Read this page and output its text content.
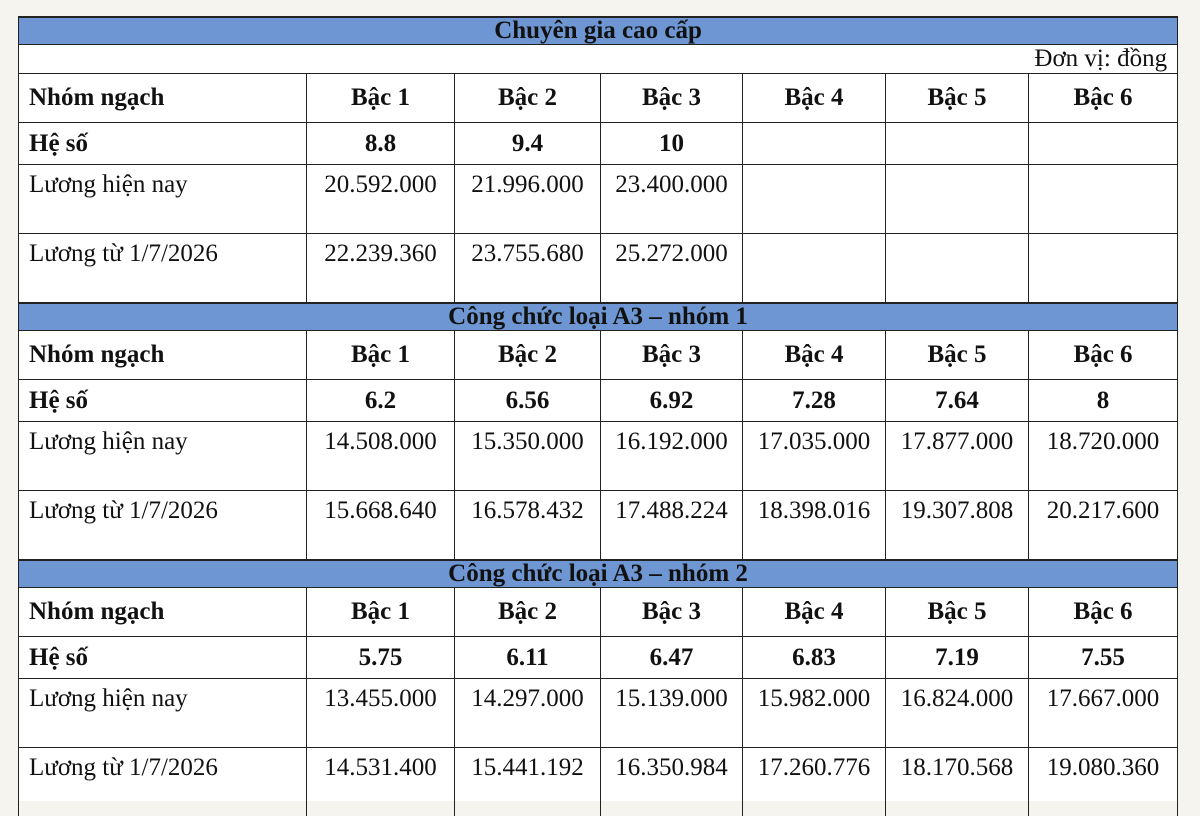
Chuyên gia cao cấp						
Đơn vị: đồng						
Nhóm ngạch	Bậc 1	Bậc 2	Bậc 3	Bậc 4	Bậc 5	Bậc 6
Hệ số	8.8	9.4	10			
Lương hiện nay	20.592.000	21.996.000	23.400.000			
Lương từ 1/7/2026	22.239.360	23.755.680	25.272.000			
Công chức loại A3 – nhóm 1						
Nhóm ngạch	Bậc 1	Bậc 2	Bậc 3	Bậc 4	Bậc 5	Bậc 6
Hệ số	6.2	6.56	6.92	7.28	7.64	8
Lương hiện nay	14.508.000	15.350.000	16.192.000	17.035.000	17.877.000	18.720.000
Lương từ 1/7/2026	15.668.640	16.578.432	17.488.224	18.398.016	19.307.808	20.217.600
Công chức loại A3 – nhóm 2						
Nhóm ngạch	Bậc 1	Bậc 2	Bậc 3	Bậc 4	Bậc 5	Bậc 6
Hệ số	5.75	6.11	6.47	6.83	7.19	7.55
Lương hiện nay	13.455.000	14.297.000	15.139.000	15.982.000	16.824.000	17.667.000
Lương từ 1/7/2026	14.531.400	15.441.192	16.350.984	17.260.776	18.170.568	19.080.360
